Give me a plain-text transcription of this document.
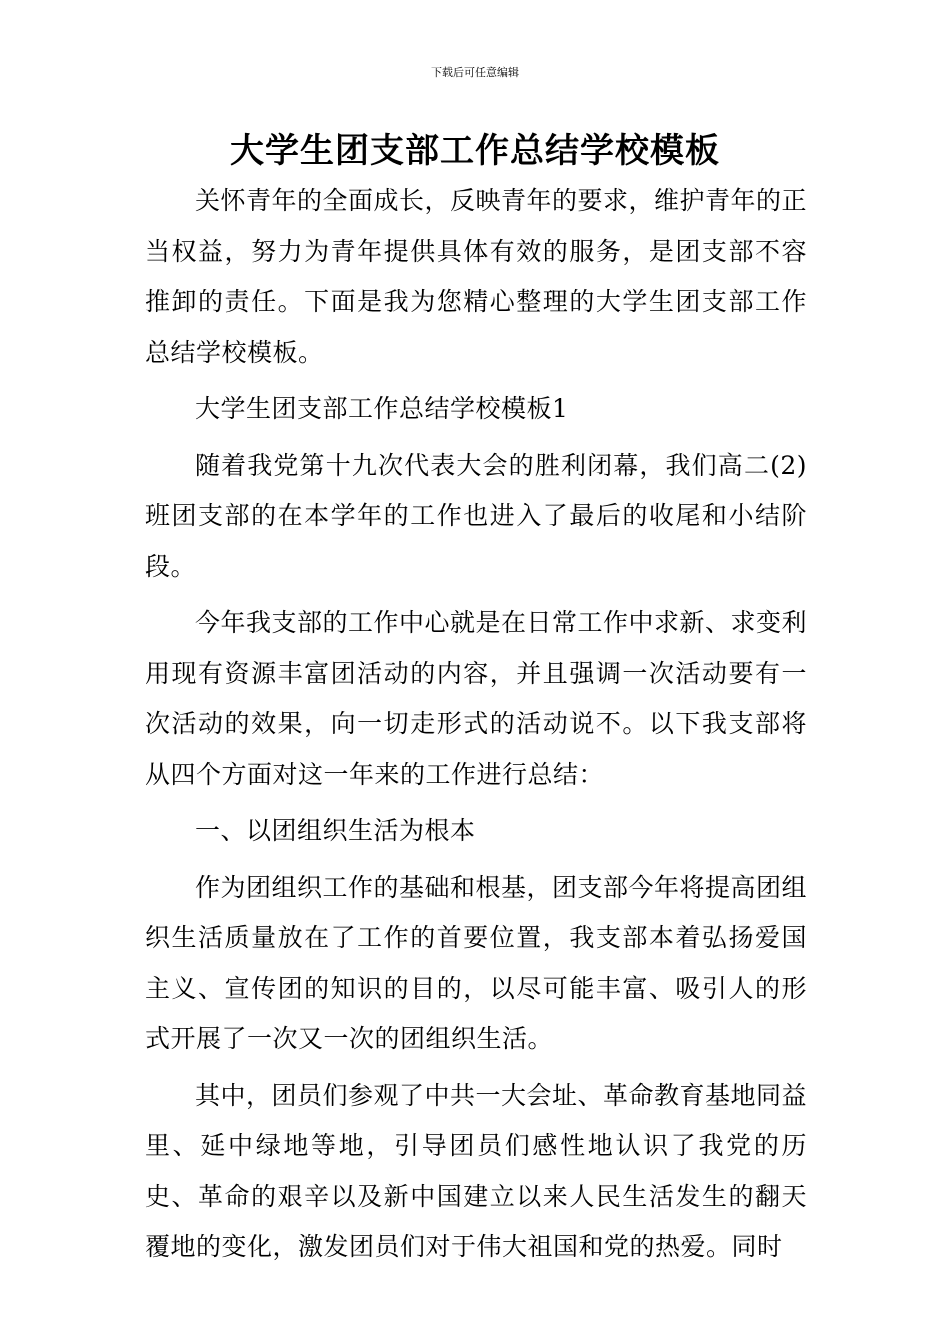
下载后可任意编辑
大学生团支部工作总结学校模板

关怀青年的全面成长，反映青年的要求，维护青年的正当权益，努力为青年提供具体有效的服务，是团支部不容推卸的责任。下面是我为您精心整理的大学生团支部工作总结学校模板。

大学生团支部工作总结学校模板1

随着我党第十九次代表大会的胜利闭幕，我们高二(2)班团支部的在本学年的工作也进入了最后的收尾和小结阶段。

今年我支部的工作中心就是在日常工作中求新、求变利用现有资源丰富团活动的内容，并且强调一次活动要有一次活动的效果，向一切走形式的活动说不。以下我支部将从四个方面对这一年来的工作进行总结：

一、以团组织生活为根本

作为团组织工作的基础和根基，团支部今年将提高团组织生活质量放在了工作的首要位置，我支部本着弘扬爱国主义、宣传团的知识的目的，以尽可能丰富、吸引人的形式开展了一次又一次的团组织生活。

其中，团员们参观了中共一大会址、革命教育基地同益里、延中绿地等地，引导团员们感性地认识了我党的历史、革命的艰辛以及新中国建立以来人民生活发生的翻天覆地的变化，激发团员们对于伟大祖国和党的热爱。同时
